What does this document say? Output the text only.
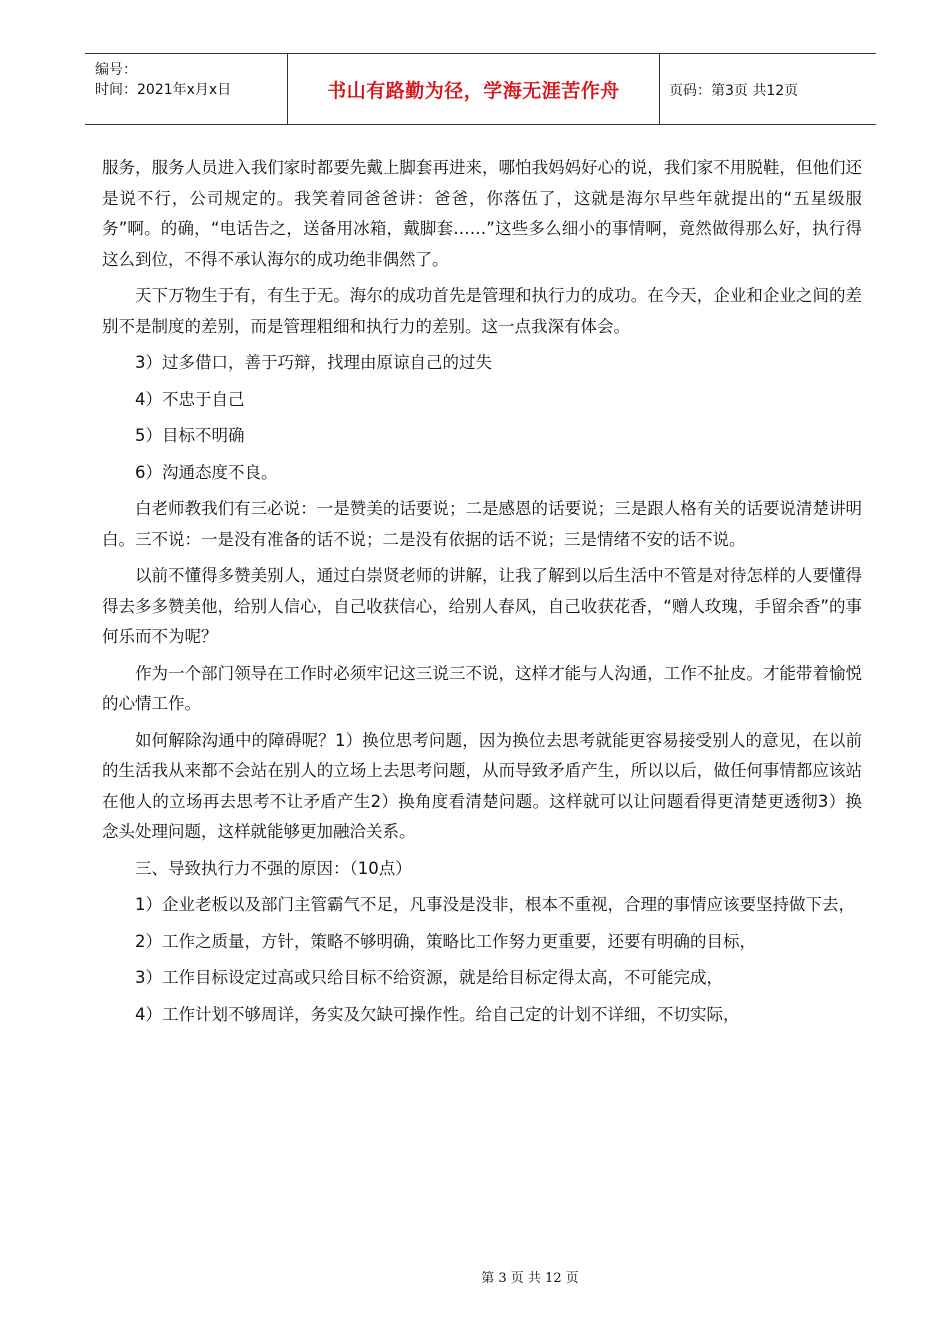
编号：
时间：2021年x月x日	书山有路勤为径，学海无涯苦作舟	页码：第3页 共12页

服务，服务人员进入我们家时都要先戴上脚套再进来，哪怕我妈妈好心的说，我们家不用脱鞋，但他们还是说不行，公司规定的。我笑着同爸爸讲：爸爸，你落伍了，这就是海尔早些年就提出的“五星级服务”啊。的确，“电话告之，送备用冰箱，戴脚套……”这些多么细小的事情啊，竟然做得那么好，执行得这么到位，不得不承认海尔的成功绝非偶然了。

天下万物生于有，有生于无。海尔的成功首先是管理和执行力的成功。在今天，企业和企业之间的差别不是制度的差别，而是管理粗细和执行力的差别。这一点我深有体会。

3）过多借口，善于巧辩，找理由原谅自己的过失

4）不忠于自己

5）目标不明确

6）沟通态度不良。

白老师教我们有三必说：一是赞美的话要说；二是感恩的话要说；三是跟人格有关的话要说清楚讲明白。三不说：一是没有准备的话不说；二是没有依据的话不说；三是情绪不安的话不说。

以前不懂得多赞美别人，通过白崇贤老师的讲解，让我了解到以后生活中不管是对待怎样的人要懂得得去多多赞美他，给别人信心，自己收获信心，给别人春风，自己收获花香，“赠人玫瑰，手留余香”的事何乐而不为呢？

作为一个部门领导在工作时必须牢记这三说三不说，这样才能与人沟通，工作不扯皮。才能带着愉悦的心情工作。

如何解除沟通中的障碍呢？1）换位思考问题，因为换位去思考就能更容易接受别人的意见，在以前的生活我从来都不会站在别人的立场上去思考问题，从而导致矛盾产生，所以以后，做任何事情都应该站在他人的立场再去思考不让矛盾产生2）换角度看清楚问题。这样就可以让问题看得更清楚更透彻3）换念头处理问题，这样就能够更加融洽关系。

三、导致执行力不强的原因：（10点）

1）企业老板以及部门主管霸气不足，凡事没是没非，根本不重视，合理的事情应该要坚持做下去，

2）工作之质量，方针，策略不够明确，策略比工作努力更重要，还要有明确的目标，

3）工作目标设定过高或只给目标不给资源，就是给目标定得太高，不可能完成，

4）工作计划不够周详，务实及欠缺可操作性。给自己定的计划不详细，不切实际，

第 3 页 共 12 页
